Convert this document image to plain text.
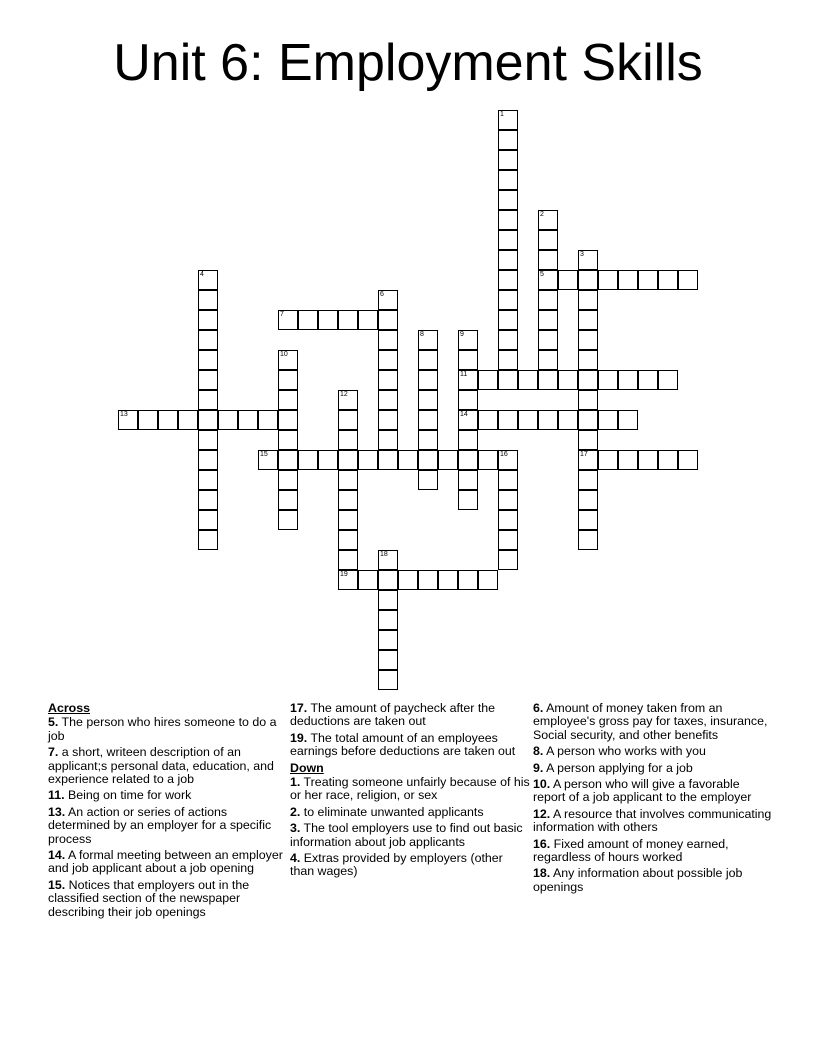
Unit 6: Employment Skills
1
2
5
3
17
4
6
7
8	9
11
14
10
12
19
13
15	16
18
Across
5. The person who hires someone to do a job
7. a short, writeen description of an applicant;s personal data, education, and experience related to a job
11. Being on time for work
13. An action or series of actions determined by an employer for a specific process
14. A formal meeting between an employer and job applicant about a job opening
15. Notices that employers out in the classified section of the newspaper describing their job openings
17. The amount of paycheck after the deductions are taken out
19. The total amount of an employees earnings before deductions are taken out
Down
1. Treating someone unfairly because of his or her race, religion, or sex
2. to eliminate unwanted applicants
3. The tool employers use to find out basic information about job applicants
4. Extras provided by employers (other than wages)
6. Amount of money taken from an employee's gross pay for taxes, insurance, Social security, and other benefits
8. A person who works with you
9. A person applying for a job
10. A person who will give a favorable report of a job applicant to the employer
12. A resource that involves communicating information with others
16. Fixed amount of money earned, regardless of hours worked
18. Any information about possible job openings
